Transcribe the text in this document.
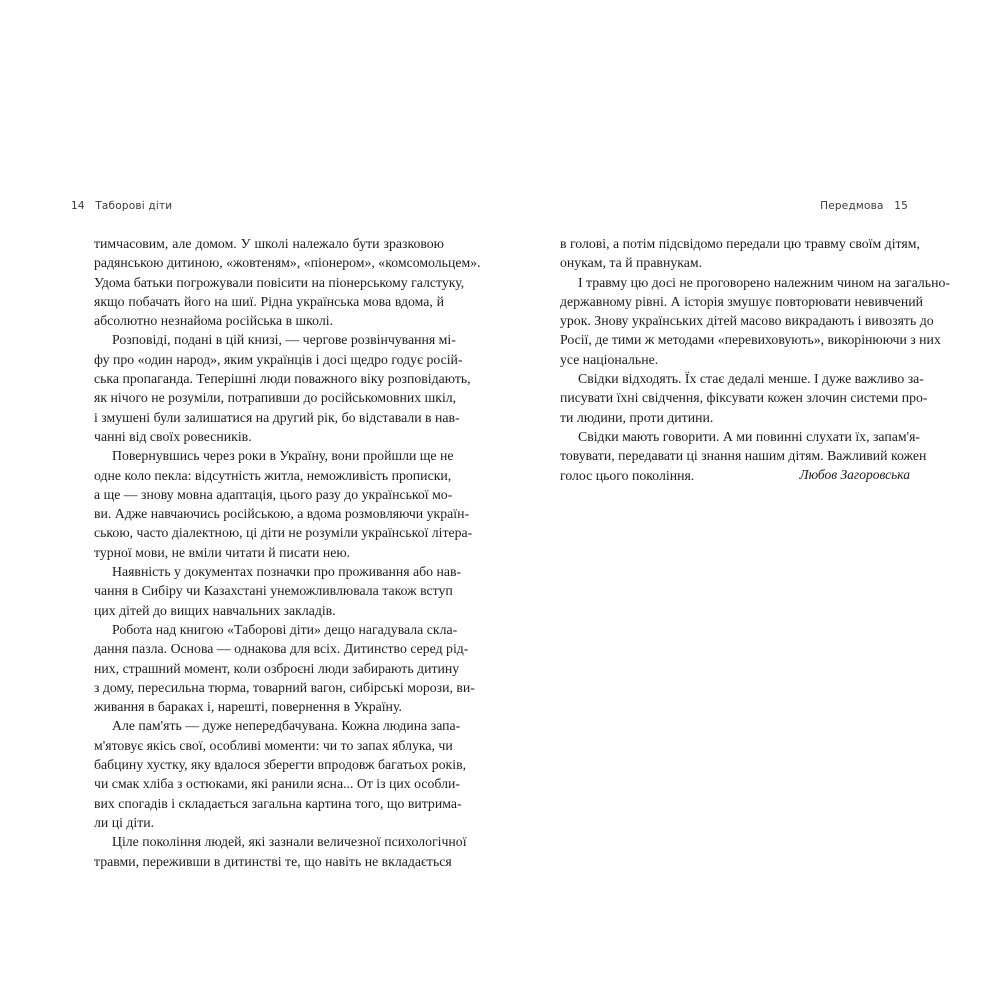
14 Таборові діти	Передмова 15
тимчасовим, але домом. У школі належало бути зразковою
радянською дитиною, «жовтеням», «піонером», «комсомольцем».
Удома батьки погрожували повісити на піонерському галстуку,
якщо побачать його на шиї. Рідна українська мова вдома, й
абсолютно незнайома російська в школі.
Розповіді, подані в цій книзі, — чергове розвінчування мі-
фу про «один народ», яким українців і досі щедро годує росій-
ська пропаганда. Теперішні люди поважного віку розповідають,
як нічого не розуміли, потрапивши до російськомовних шкіл,
і змушені були залишатися на другий рік, бо відставали в нав-
чанні від своїх ровесників.
Повернувшись через роки в Україну, вони пройшли ще не
одне коло пекла: відсутність житла, неможливість прописки,
а ще — знову мовна адаптація, цього разу до української мо-
ви. Адже навчаючись російською, а вдома розмовляючи україн-
ською, часто діалектною, ці діти не розуміли української літера-
турної мови, не вміли читати й писати нею.
Наявність у документах позначки про проживання або нав-
чання в Сибіру чи Казахстані унеможливлювала також вступ
цих дітей до вищих навчальних закладів.
Робота над книгою «Таборові діти» дещо нагадувала скла-
дання пазла. Основа — однакова для всіх. Дитинство серед рід-
них, страшний момент, коли озброєні люди забирають дитину
з дому, пересильна тюрма, товарний вагон, сибірські морози, ви-
живання в бараках і, нарешті, повернення в Україну.
Але пам'ять — дуже непередбачувана. Кожна людина запа-
м'ятовує якісь свої, особливі моменти: чи то запах яблука, чи
бабцину хустку, яку вдалося зберегти впродовж багатьох років,
чи смак хліба з остюками, які ранили ясна... От із цих особли-
вих спогадів і складається загальна картина того, що витрима-
ли ці діти.
Ціле покоління людей, які зазнали величезної психологічної
травми, переживши в дитинстві те, що навіть не вкладається
в голові, а потім підсвідомо передали цю травму своїм дітям,
онукам, та й правнукам.
І травму цю досі не проговорено належним чином на загально-
державному рівні. А історія змушує повторювати невивчений
урок. Знову українських дітей масово викрадають і вивозять до
Росії, де тими ж методами «перевиховують», викорінюючи з них
усе національне.
Свідки відходять. Їх стає дедалі менше. І дуже важливо за-
писувати їхні свідчення, фіксувати кожен злочин системи про-
ти людини, проти дитини.
Свідки мають говорити. А ми повинні слухати їх, запам'я-
товувати, передавати ці знання нашим дітям. Важливий кожен
голос цього покоління.	Любов Загоровська
